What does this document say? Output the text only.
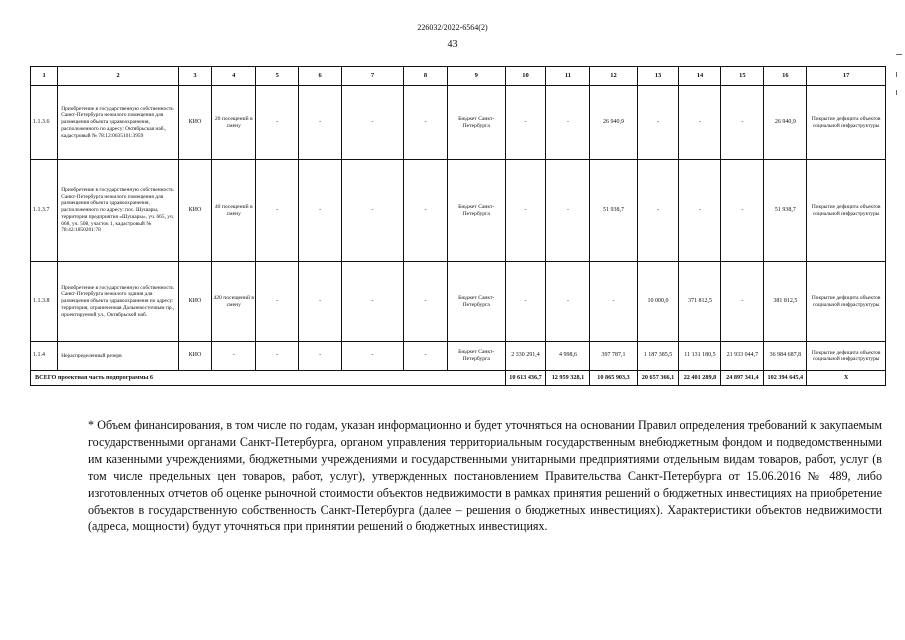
226032/2022-6564(2)
43
1	2	3	4	5	6	7	8	9	10	11	12	13	14	15	16	17
1.1.3.6	Приобретение в государственную собственность Санкт-Петербурга нежилого помещения для размещения объекта здравоохранения, расположенного по адресу: Октябрьская наб., кадастровый № 78:12:0635101:3959	КИО	20 посещений в смену	-	-	-	-	Бюджет Санкт-Петербурга	-	-	26 940,9	-	-	-	26 940,9	Покрытие дефицита объектов социальной инфраструктуры
1.1.3.7	Приобретение в государственную собственность Санкт-Петербурга нежилого помещения для размещения объекта здравоохранения, расположенного по адресу: пос. Шушары, территория предприятия «Шушары», уч. 665, уч. 668, уч. 508, участок 1, кадастровый № 78:42:1850201:78	КИО	40 посещений в смену	-	-	-	-	Бюджет Санкт-Петербурга	-	-	51 938,7	-	-	-	51 938,7	Покрытие дефицита объектов социальной инфраструктуры
1.1.3.8	Приобретение в государственную собственность Санкт-Петербурга нежилого здания для размещения объекта здравоохранения по адресу: территория, ограниченная Дальневосточным пр., проектируемой ул., Октябрьской наб.	КИО	420 посещений в смену	-	-	-	-	Бюджет Санкт-Петербурга	-	-	-	10 000,0	371 812,5	-	381 812,5	Покрытие дефицита объектов социальной инфраструктуры
1.1.4	Нераспределенный резерв	КИО	-	-	-	-	-	Бюджет Санкт-Петербурга	2 330 291,4	4 998,6	397 787,1	1 187 385,5	11 131 180,5	21 933 044,7	36 984 687,8	Покрытие дефицита объектов социальной инфраструктуры
ВСЕГО проектная часть подпрограммы 6									10 613 436,7	12 959 328,1	10 865 903,3	20 657 366,1	22 401 289,8	24 897 341,4	102 394 645,4	X
* Объем финансирования, в том числе по годам, указан информационно и будет уточняться на основании Правил определения требований к закупаемым государственными органами Санкт-Петербурга, органом управления территориальным государственным внебюджетным фондом и подведомственными им казенными учреждениями, бюджетными учреждениями и государственными унитарными предприятиями отдельным видам товаров, работ, услуг (в том числе предельных цен товаров, работ, услуг), утвержденных постановлением Правительства Санкт-Петербурга от 15.06.2016 № 489, либо изготовленных отчетов об оценке рыночной стоимости объектов недвижимости в рамках принятия решений о бюджетных инвестициях на приобретение объектов в государственную собственность Санкт-Петербурга (далее – решения о бюджетных инвестициях). Характеристики объектов недвижимости (адреса, мощности) будут уточняться при принятии решений о бюджетных инвестициях.
